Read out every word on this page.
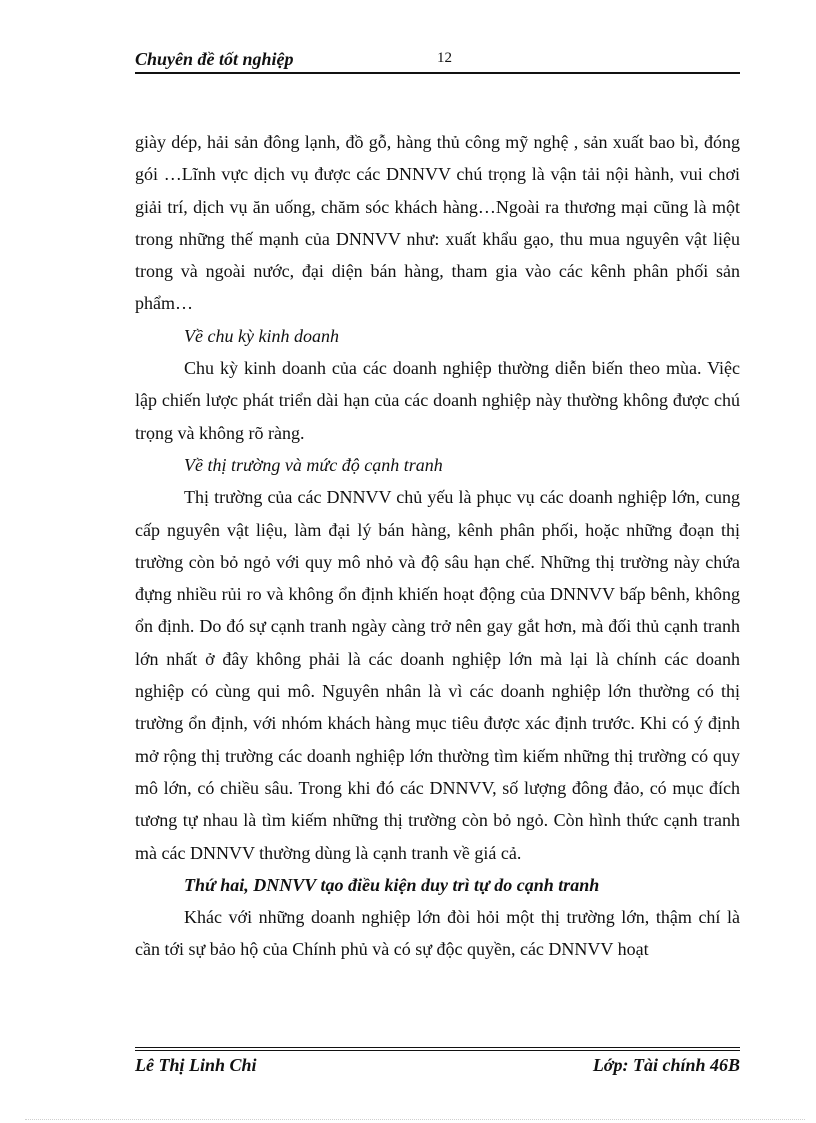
Chuyên đề tốt nghiệp	12

giày dép, hải sản đông lạnh, đồ gỗ, hàng thủ công mỹ nghệ , sản xuất bao bì, đóng gói …Lĩnh vực dịch vụ được các DNNVV chú trọng là vận tải nội hành, vui chơi giải trí, dịch vụ ăn uống, chăm sóc khách hàng…Ngoài ra thương mại cũng là một trong những thế mạnh của DNNVV như: xuất khẩu gạo, thu mua nguyên vật liệu trong và ngoài nước, đại diện bán hàng, tham gia vào các kênh phân phối sản phẩm…

Về chu kỳ kinh doanh

Chu kỳ kinh doanh của các doanh nghiệp thường diễn biến theo mùa. Việc lập chiến lược phát triển dài hạn của các doanh nghiệp này thường không được chú trọng và không rõ ràng.

Về thị trường và mức độ cạnh tranh

Thị trường của các DNNVV chủ yếu là phục vụ các doanh nghiệp lớn, cung cấp nguyên vật liệu, làm đại lý bán hàng, kênh phân phối, hoặc những đoạn thị trường còn bỏ ngỏ với quy mô nhỏ và độ sâu hạn chế. Những thị trường này chứa đựng nhiều rủi ro và không ổn định khiến hoạt động của DNNVV bấp bênh, không ổn định. Do đó sự cạnh tranh ngày càng trở nên gay gắt hơn, mà đối thủ cạnh tranh lớn nhất ở đây không phải là các doanh nghiệp lớn mà lại là chính các doanh nghiệp có cùng qui mô. Nguyên nhân là vì các doanh nghiệp lớn thường có thị trường ổn định, với nhóm khách hàng mục tiêu được xác định trước. Khi có ý định mở rộng thị trường các doanh nghiệp lớn thường tìm kiếm những thị trường có quy mô lớn, có chiều sâu. Trong khi đó các DNNVV, số lượng đông đảo, có mục đích tương tự nhau là tìm kiếm những thị trường còn bỏ ngỏ. Còn hình thức cạnh tranh mà các DNNVV thường dùng là cạnh tranh về giá cả.

Thứ hai, DNNVV tạo điều kiện duy trì tự do cạnh tranh

Khác với những doanh nghiệp lớn đòi hỏi một thị trường lớn, thậm chí là cần tới sự bảo hộ của Chính phủ và có sự độc quyền, các DNNVV hoạt

Lê Thị Linh Chi	Lớp: Tài chính 46B
